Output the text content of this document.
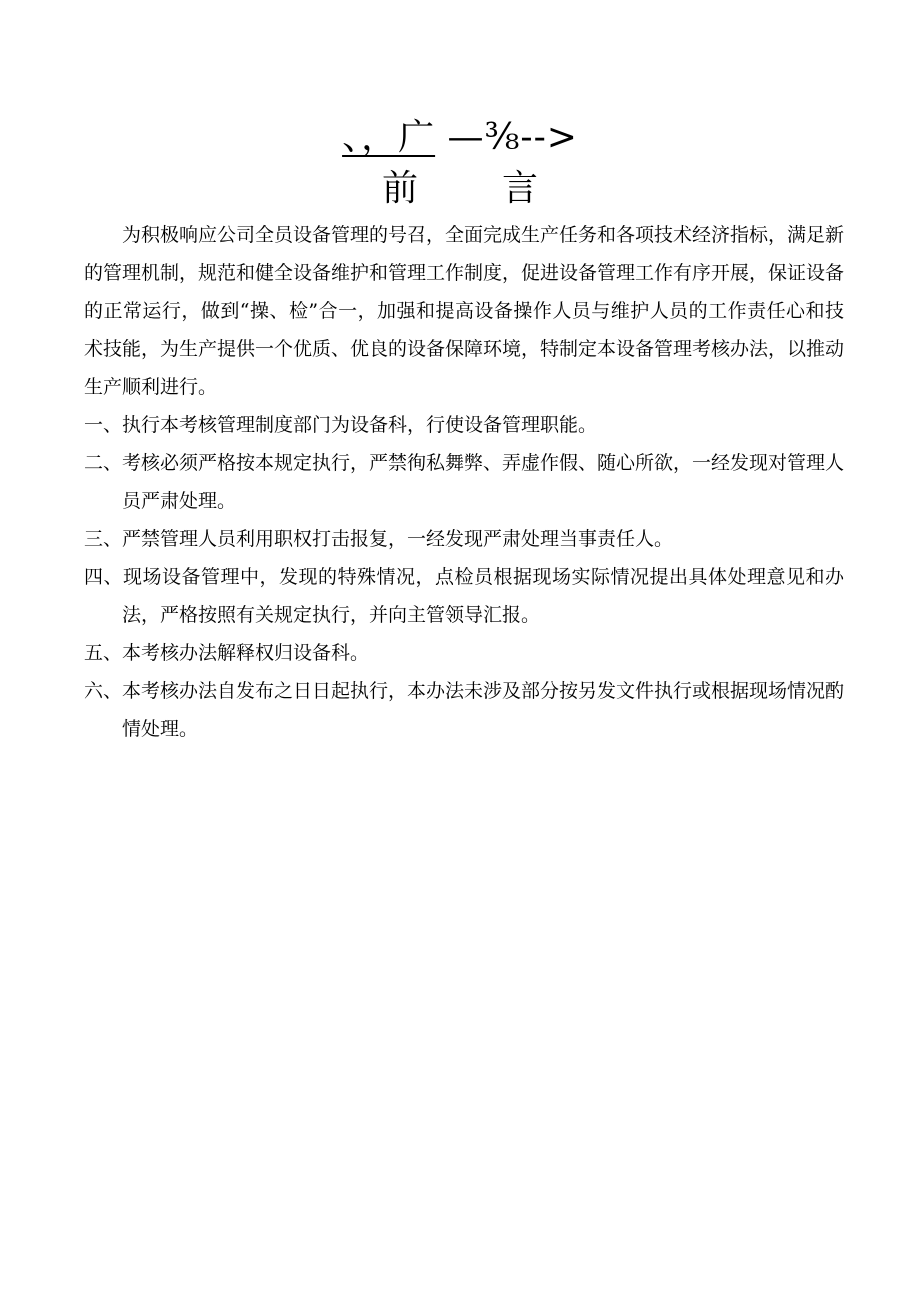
、，广 —⅜-->
前 言

为积极响应公司全员设备管理的号召，全面完成生产任务和各项技术经济指标，满足新的管理机制，规范和健全设备维护和管理工作制度，促进设备管理工作有序开展，保证设备的正常运行，做到“操、检”合一，加强和提高设备操作人员与维护人员的工作责任心和技术技能，为生产提供一个优质、优良的设备保障环境，特制定本设备管理考核办法，以推动生产顺利进行。

一、执行本考核管理制度部门为设备科，行使设备管理职能。

二、考核必须严格按本规定执行，严禁徇私舞弊、弄虚作假、随心所欲，一经发现对管理人员严肃处理。

三、严禁管理人员利用职权打击报复，一经发现严肃处理当事责任人。

四、现场设备管理中，发现的特殊情况，点检员根据现场实际情况提出具体处理意见和办法，严格按照有关规定执行，并向主管领导汇报。

五、本考核办法解释权归设备科。

六、本考核办法自发布之日日起执行，本办法未涉及部分按另发文件执行或根据现场情况酌情处理。
